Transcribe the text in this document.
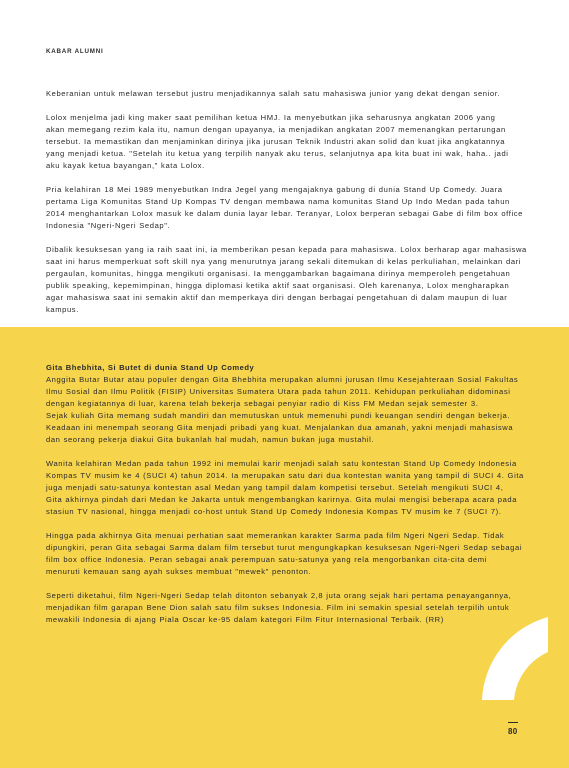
KABAR ALUMNI

Keberanian untuk melawan tersebut justru menjadikannya salah satu mahasiswa junior yang dekat dengan senior.

Lolox menjelma jadi king maker saat pemilihan ketua HMJ. Ia menyebutkan jika seharusnya angkatan 2006 yang
akan memegang rezim kala itu, namun dengan upayanya, ia menjadikan angkatan 2007 memenangkan pertarungan
tersebut. Ia memastikan dan menjaminkan dirinya jika jurusan Teknik Industri akan solid dan kuat jika angkatannya
yang menjadi ketua. "Setelah itu ketua yang terpilih nanyak aku terus, selanjutnya apa kita buat ini wak, haha.. jadi
aku kayak ketua bayangan," kata Lolox.

Pria kelahiran 18 Mei 1989 menyebutkan Indra Jegel yang mengajaknya gabung di dunia Stand Up Comedy. Juara
pertama Liga Komunitas Stand Up Kompas TV dengan membawa nama komunitas Stand Up Indo Medan pada tahun
2014 menghantarkan Lolox masuk ke dalam dunia layar lebar. Teranyar, Lolox berperan sebagai Gabe di film box office
Indonesia "Ngeri-Ngeri Sedap".

Dibalik kesuksesan yang ia raih saat ini, ia memberikan pesan kepada para mahasiswa. Lolox berharap agar mahasiswa
saat ini harus memperkuat soft skill nya yang menurutnya jarang sekali ditemukan di kelas perkuliahan, melainkan dari
pergaulan, komunitas, hingga mengikuti organisasi. Ia menggambarkan bagaimana dirinya memperoleh pengetahuan
publik speaking, kepemimpinan, hingga diplomasi ketika aktif saat organisasi. Oleh karenanya, Lolox mengharapkan
agar mahasiswa saat ini semakin aktif dan memperkaya diri dengan berbagai pengetahuan di dalam maupun di luar
kampus.

Gita Bhebhita, Si Butet di dunia Stand Up Comedy

Anggita Butar Butar atau populer dengan Gita Bhebhita merupakan alumni jurusan Ilmu Kesejahteraan Sosial Fakultas
Ilmu Sosial dan Ilmu Politik (FISIP) Universitas Sumatera Utara pada tahun 2011. Kehidupan perkuliahan didominasi
dengan kegiatannya di luar, karena telah bekerja sebagai penyiar radio di Kiss FM Medan sejak semester 3.
Sejak kuliah Gita memang sudah mandiri dan memutuskan untuk memenuhi pundi keuangan sendiri dengan bekerja.
Keadaan ini menempah seorang Gita menjadi pribadi yang kuat. Menjalankan dua amanah, yakni menjadi mahasiswa
dan seorang pekerja diakui Gita bukanlah hal mudah, namun bukan juga mustahil.

Wanita kelahiran Medan pada tahun 1992 ini memulai karir menjadi salah satu kontestan Stand Up Comedy Indonesia
Kompas TV musim ke 4 (SUCI 4) tahun 2014. Ia merupakan satu dari dua kontestan wanita yang tampil di SUCI 4. Gita
juga menjadi satu-satunya kontestan asal Medan yang tampil dalam kompetisi tersebut. Setelah mengikuti SUCI 4,
Gita akhirnya pindah dari Medan ke Jakarta untuk mengembangkan karirnya. Gita mulai mengisi beberapa acara pada
stasiun TV nasional, hingga menjadi co-host untuk Stand Up Comedy Indonesia Kompas TV musim ke 7 (SUCI 7).

Hingga pada akhirnya Gita menuai perhatian saat memerankan karakter Sarma pada film Ngeri Ngeri Sedap. Tidak
dipungkiri, peran Gita sebagai Sarma dalam film tersebut turut mengungkapkan kesuksesan Ngeri-Ngeri Sedap sebagai
film box office Indonesia. Peran sebagai anak perempuan satu-satunya yang rela mengorbankan cita-cita demi
menuruti kemauan sang ayah sukses membuat "mewek" penonton.

Seperti diketahui, film Ngeri-Ngeri Sedap telah ditonton sebanyak 2,8 juta orang sejak hari pertama penayangannya,
menjadikan film garapan Bene Dion salah satu film sukses Indonesia. Film ini semakin spesial setelah terpilih untuk
mewakili Indonesia di ajang Piala Oscar ke-95 dalam kategori Film Fitur Internasional Terbaik. (RR)

80
